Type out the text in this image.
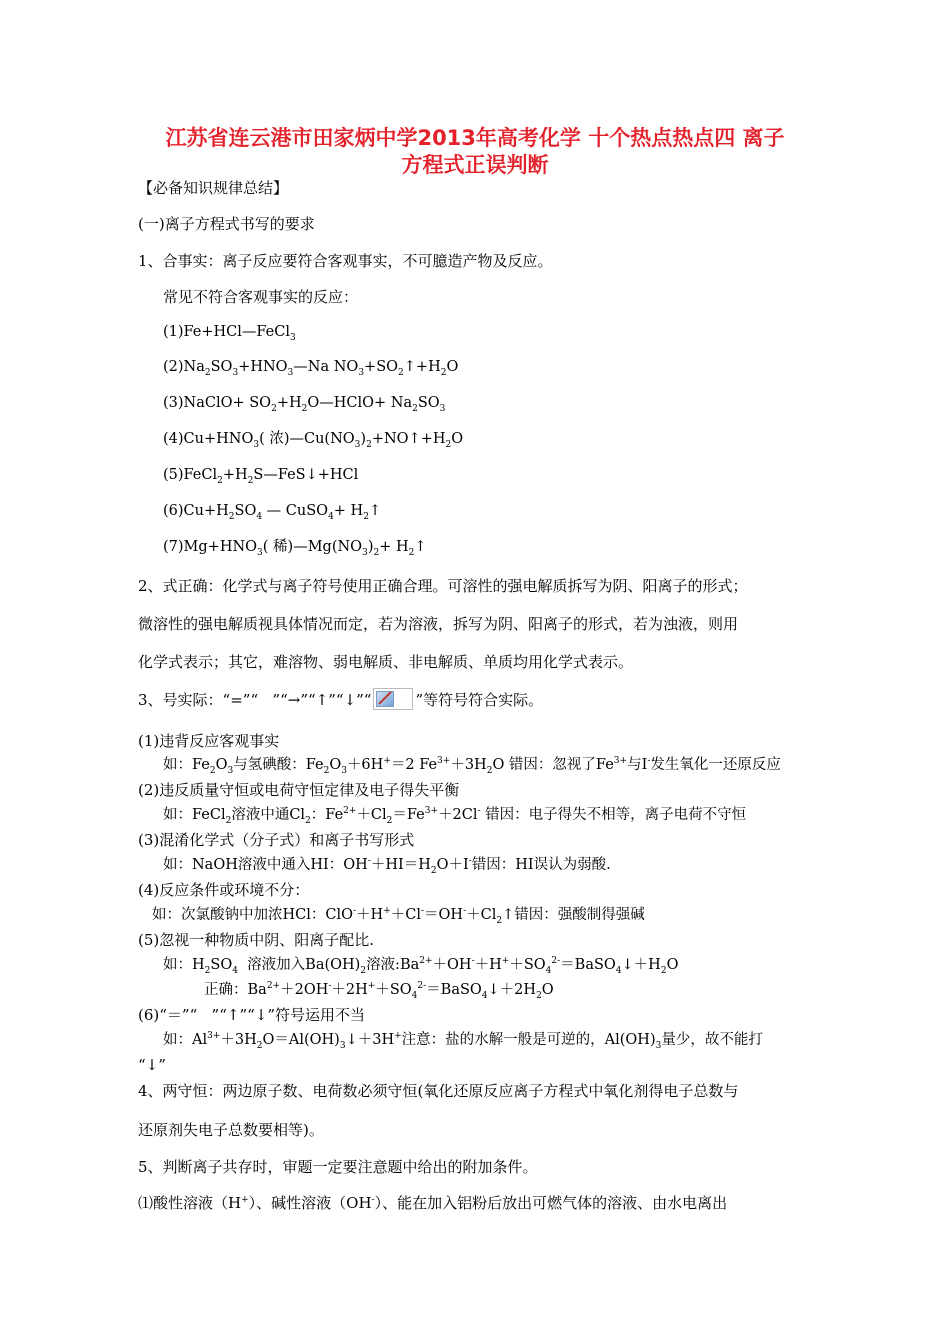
江苏省连云港市田家炳中学2013年高考化学 十个热点热点四 离子
方程式正误判断
【必备知识规律总结】
(一)离子方程式书写的要求
1、合事实：离子反应要符合客观事实，不可臆造产物及反应。
常见不符合客观事实的反应：
(1)Fe+HCl—FeCl$_3$
$(2)Na_2SO_3+HNO_3—Na$ $NO_3+SO_2↑+H_2O$
(3)NaClO+ $SO_2+H_2O—HClO+ Na_2SO_3$
$(4)Cu+HNO_3$( 浓)$—Cu(NO_3)_2+NO↑+H_2O$
$(5)FeCl_2+H_2S—FeS↓+HCl$
$(6)Cu+H_2SO_4$ — CuSO$_4$+ $H_2↑$
$(7)Mg+HNO_3$( 稀)$—Mg(NO_3)_2+$ $H_2↑$
2、式正确：化学式与离子符号使用正确合理。可溶性的强电解质拆写为阴、阳离子的形式；
微溶性的强电解质视具体情况而定，若为溶液，拆写为阴、阳离子的形式，若为浊液，则用
化学式表示；其它，难溶物、弱电解质、非电解质、单质均用化学式表示。
3、号实际：“=”“   ”“→”“↑”“↓”“	”等符号符合实际。
(1)违背反应客观事实
如：$Fe_2O_3$与氢碘酸：$Fe_2O_3+6H^+=2$ $Fe^{3+}+3H_2O$ 错因：忽视了$Fe^{3+}$与I-发生氧化一还原反应
(2)违反质量守恒或电荷守恒定律及电子得失平衡
如：FeCl$_2$溶液中通$Cl_2$：$Fe^{2+}+Cl_2=Fe^{3+}+2Cl^-$ 错因：电子得失不相等，离子电荷不守恒
(3)混淆化学式（分子式）和离子书写形式
如：NaOH溶液中通入HI：$OH^-+HI=H_2O+I^-$错因：HI误认为弱酸.
(4)反应条件或环境不分：
如：次氯酸钠中加浓HCl：$ClO^-+H^++Cl^-=OH^-+Cl_2↑$错因：强酸制得强碱
(5)忽视一种物质中阴、阳离子配比.
如：$H_2SO_4$  溶液加入$Ba(OH)_2$溶液$:Ba^{2+}+OH^-+H^++SO_4^{2-}=BaSO_4↓+H_2O$
正确：$Ba^{2+}+2OH^-+2H^++SO_4^{2-}=BaSO_4↓+2H_2O$
(6)“＝”“   ”“↑”“↓”符号运用不当
如：$Al^{3+}+3H_2O=Al(OH)_3↓+3H^+$注意：盐的水解一般是可逆的，$Al(OH)_3$量少，故不能打
“↓”
4、两守恒：两边原子数、电荷数必须守恒(氧化还原反应离子方程式中氧化剂得电子总数与
还原剂失电子总数要相等)。
5、判断离子共存时，审题一定要注意题中给出的附加条件。
⑴酸性溶液（H+）、碱性溶液（OH-）、能在加入铝粉后放出可燃气体的溶液、由水电离出
